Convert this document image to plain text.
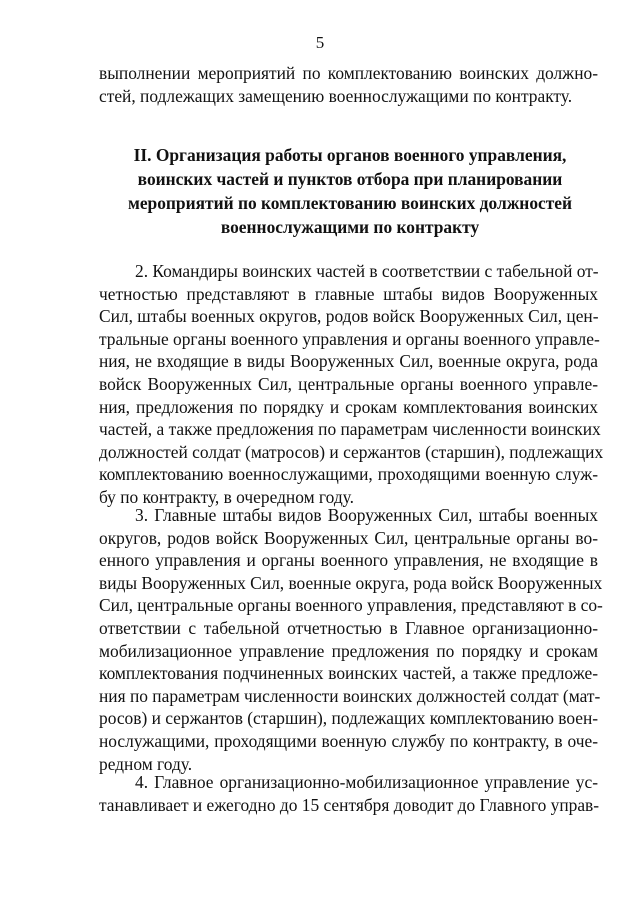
5
выполнении мероприятий по комплектованию воинских должно-
стей, подлежащих замещению военнослужащими по контракту.
II. Организация работы органов военного управления,
воинских частей и пунктов отбора при планировании
мероприятий по комплектованию воинских должностей
военнослужащими по контракту
2. Командиры воинских частей в соответствии с табельной от-
четностью представляют в главные штабы видов Вооруженных
Сил, штабы военных округов, родов войск Вооруженных Сил, цен-
тральные органы военного управления и органы военного управле-
ния, не входящие в виды Вооруженных Сил, военные округа, рода
войск Вооруженных Сил, центральные органы военного управле-
ния, предложения по порядку и срокам комплектования воинских
частей, а также предложения по параметрам численности воинских
должностей солдат (матросов) и сержантов (старшин), подлежащих
комплектованию военнослужащими, проходящими военную служ-
бу по контракту, в очередном году.
3. Главные штабы видов Вооруженных Сил, штабы военных
округов, родов войск Вооруженных Сил, центральные органы во-
енного управления и органы военного управления, не входящие в
виды Вооруженных Сил, военные округа, рода войск Вооруженных
Сил, центральные органы военного управления, представляют в со-
ответствии с табельной отчетностью в Главное организационно-
мобилизационное управление предложения по порядку и срокам
комплектования подчиненных воинских частей, а также предложе-
ния по параметрам численности воинских должностей солдат (мат-
росов) и сержантов (старшин), подлежащих комплектованию воен-
нослужащими, проходящими военную службу по контракту, в оче-
редном году.
4. Главное организационно-мобилизационное управление ус-
танавливает и ежегодно до 15 сентября доводит до Главного управ-
